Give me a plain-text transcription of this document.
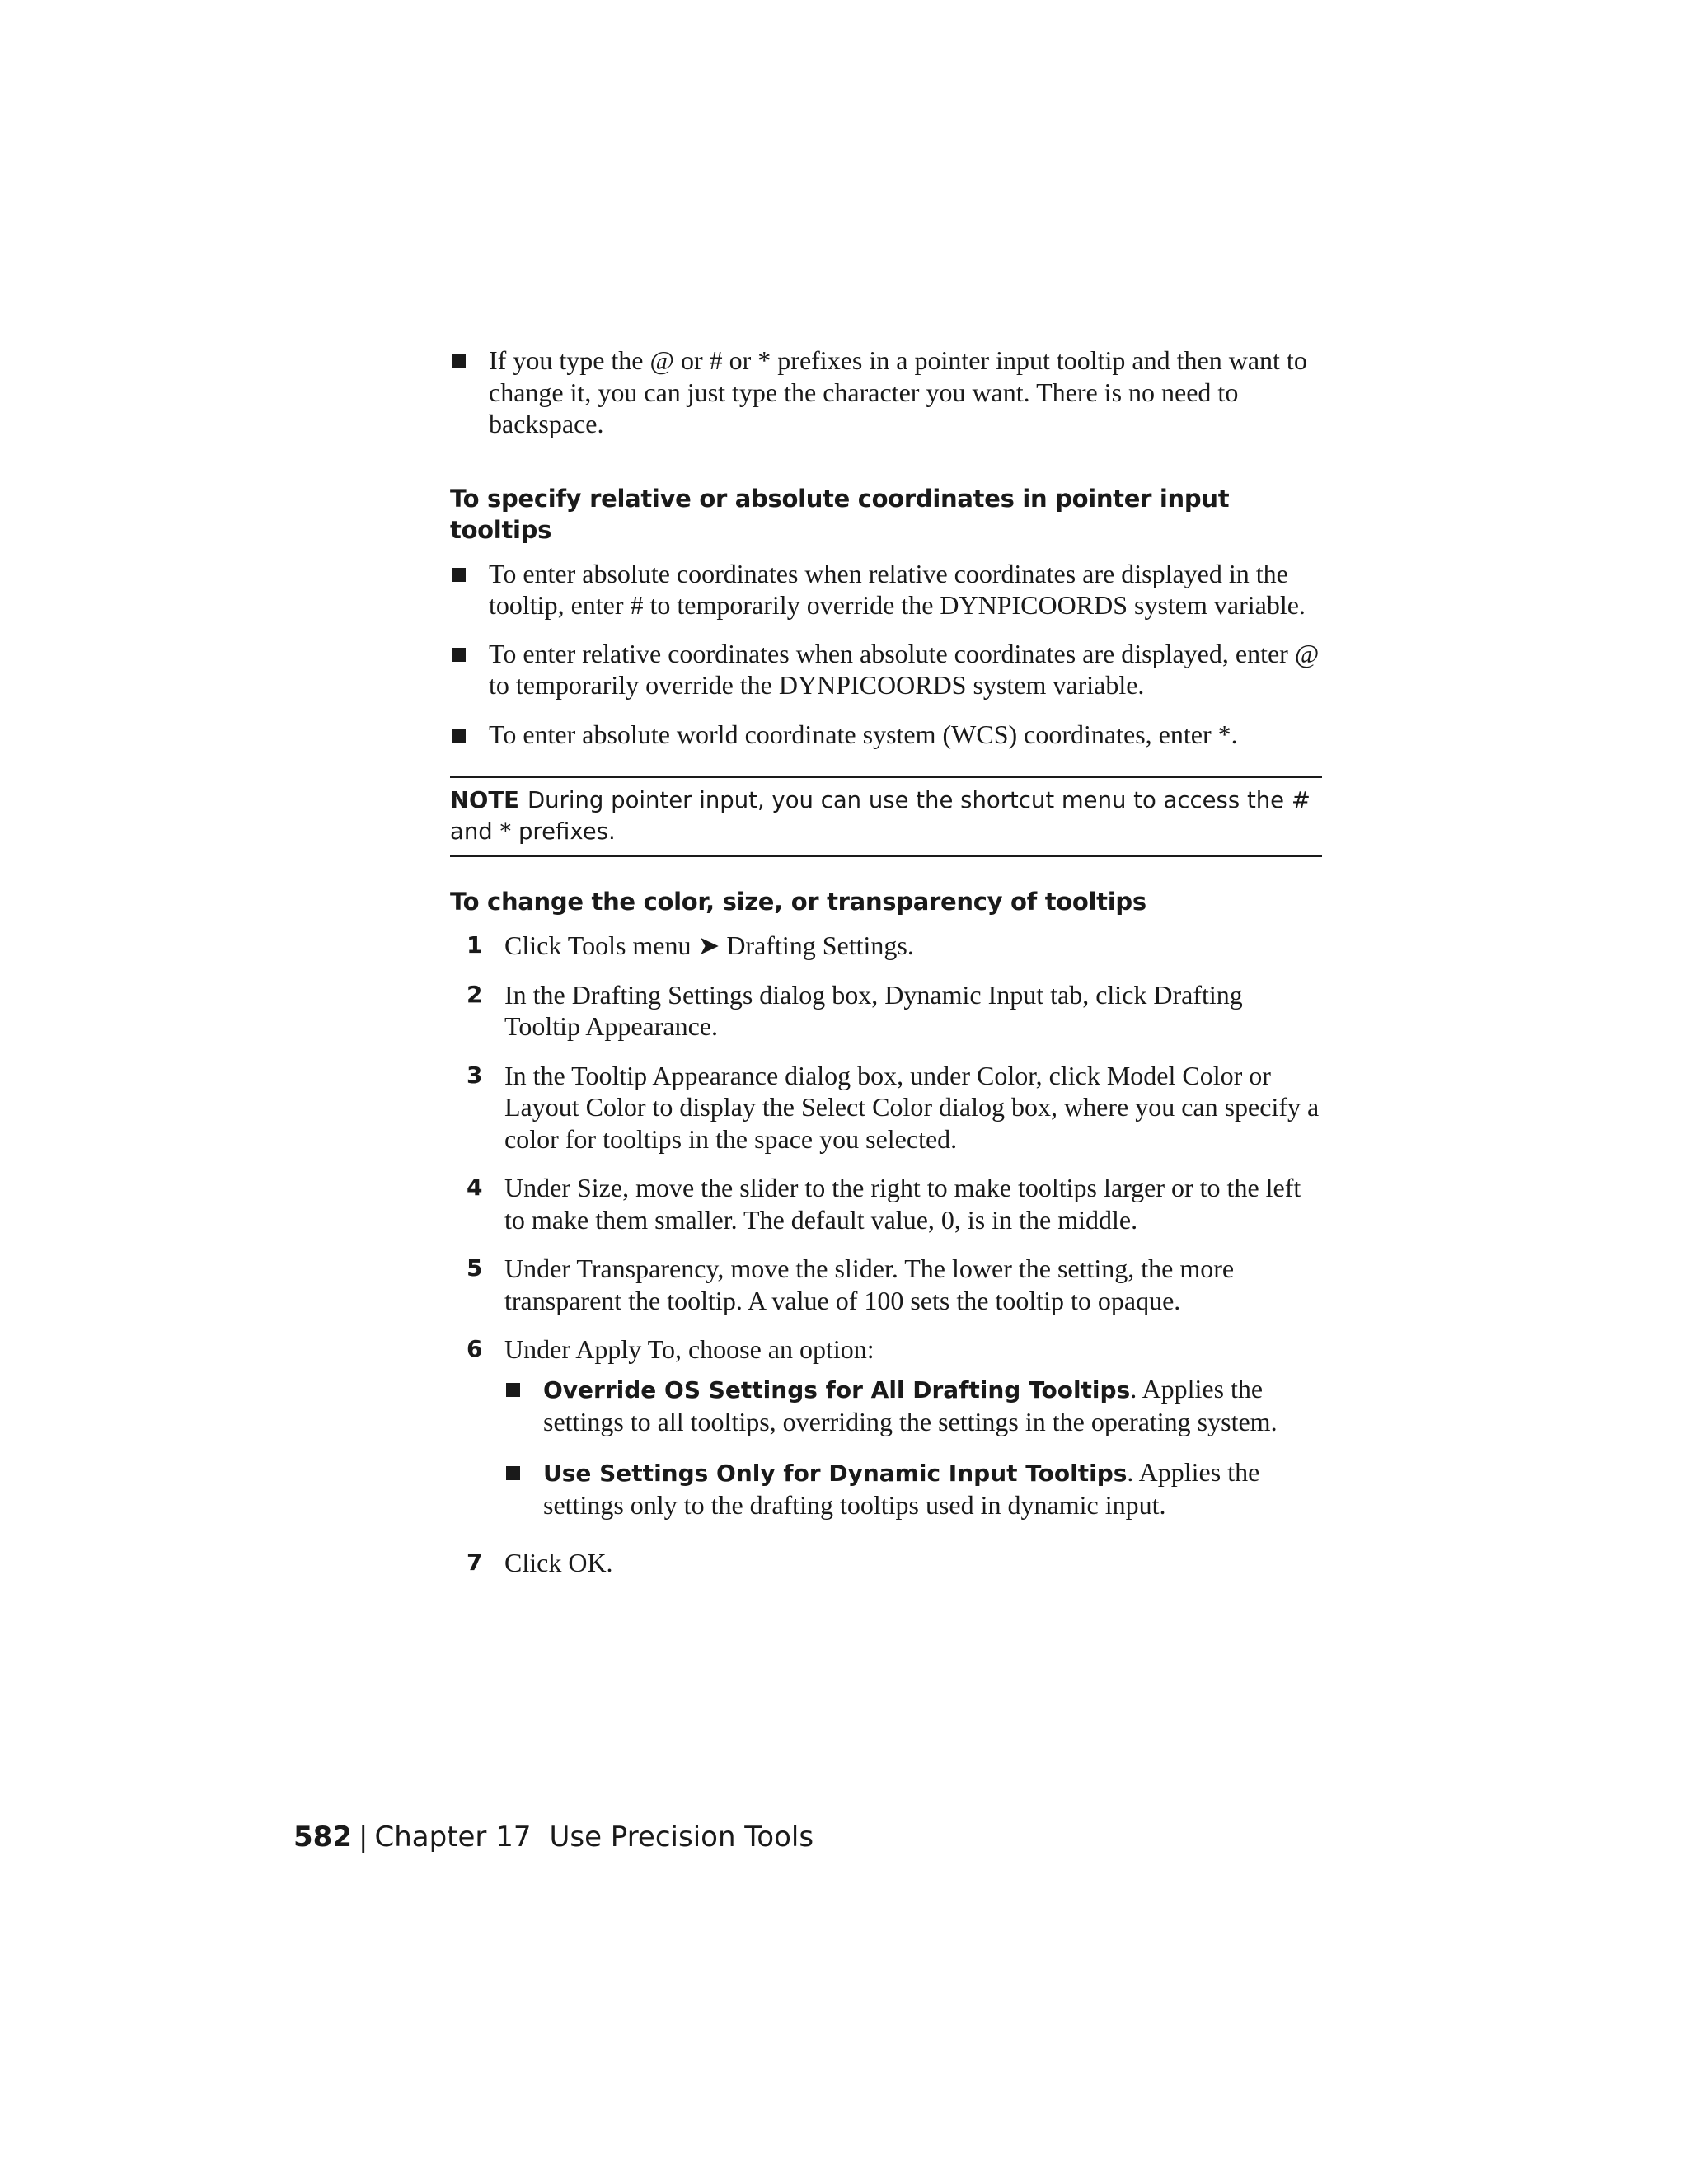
If you type the @ or # or * prefixes in a pointer input tooltip and then want to change it, you can just type the character you want. There is no need to backspace.
To specify relative or absolute coordinates in pointer input tooltips
To enter absolute coordinates when relative coordinates are displayed in the tooltip, enter # to temporarily override the DYNPICOORDS system variable.
To enter relative coordinates when absolute coordinates are displayed, enter @ to temporarily override the DYNPICOORDS system variable.
To enter absolute world coordinate system (WCS) coordinates, enter *.
NOTE During pointer input, you can use the shortcut menu to access the # and * prefixes.
To change the color, size, or transparency of tooltips
1 Click Tools menu ➤ Drafting Settings.
2 In the Drafting Settings dialog box, Dynamic Input tab, click Drafting Tooltip Appearance.
3 In the Tooltip Appearance dialog box, under Color, click Model Color or Layout Color to display the Select Color dialog box, where you can specify a color for tooltips in the space you selected.
4 Under Size, move the slider to the right to make tooltips larger or to the left to make them smaller. The default value, 0, is in the middle.
5 Under Transparency, move the slider. The lower the setting, the more transparent the tooltip. A value of 100 sets the tooltip to opaque.
6 Under Apply To, choose an option:
Override OS Settings for All Drafting Tooltips. Applies the settings to all tooltips, overriding the settings in the operating system.
Use Settings Only for Dynamic Input Tooltips. Applies the settings only to the drafting tooltips used in dynamic input.
7 Click OK.
582 | Chapter 17 Use Precision Tools
